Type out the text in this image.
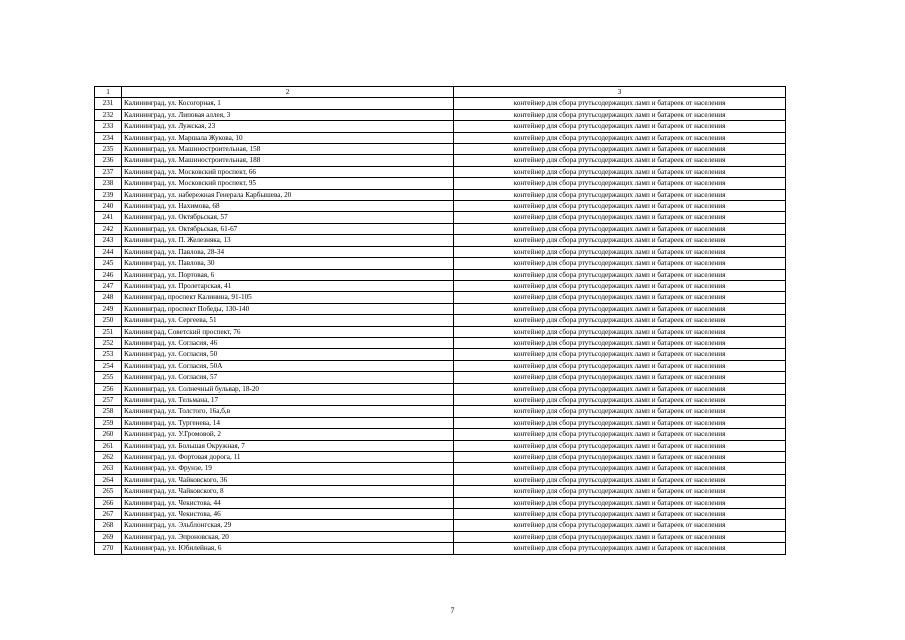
1	2	3
231	Калининград, ул. Косогорная, 1	контейнер для сбора ртутьсодержащих ламп и батареек от населения
232	Калининград, ул. Липовая аллея, 3	контейнер для сбора ртутьсодержащих ламп и батареек от населения
233	Калининград, ул. Лужская, 23	контейнер для сбора ртутьсодержащих ламп и батареек от населения
234	Калининград, ул. Маршала Жукова, 10	контейнер для сбора ртутьсодержащих ламп и батареек от населения
235	Калининград, ул. Машиностроительная, 158	контейнер для сбора ртутьсодержащих ламп и батареек от населения
236	Калининград, ул. Машиностроительная, 188	контейнер для сбора ртутьсодержащих ламп и батареек от населения
237	Калининград, ул. Московский проспект, 66	контейнер для сбора ртутьсодержащих ламп и батареек от населения
238	Калининград, ул. Московский проспект, 95	контейнер для сбора ртутьсодержащих ламп и батареек от населения
239	Калининград, ул. набережная Генерала Карбышева, 20	контейнер для сбора ртутьсодержащих ламп и батареек от населения
240	Калининград, ул. Нахимова, 68	контейнер для сбора ртутьсодержащих ламп и батареек от населения
241	Калининград, ул. Октябрьская, 57	контейнер для сбора ртутьсодержащих ламп и батареек от населения
242	Калининград, ул. Октябрьская, 61-67	контейнер для сбора ртутьсодержащих ламп и батареек от населения
243	Калининград, ул. П. Железняка, 13	контейнер для сбора ртутьсодержащих ламп и батареек от населения
244	Калининград, ул. Павлова, 28-34	контейнер для сбора ртутьсодержащих ламп и батареек от населения
245	Калининград, ул. Павлова, 30	контейнер для сбора ртутьсодержащих ламп и батареек от населения
246	Калининград, ул. Портовая, 6	контейнер для сбора ртутьсодержащих ламп и батареек от населения
247	Калининград, ул. Пролетарская, 41	контейнер для сбора ртутьсодержащих ламп и батареек от населения
248	Калининград, проспект Калинина, 91-105	контейнер для сбора ртутьсодержащих ламп и батареек от населения
249	Калининград, проспект Победы, 130-140	контейнер для сбора ртутьсодержащих ламп и батареек от населения
250	Калининград, ул. Сергеева, 51	контейнер для сбора ртутьсодержащих ламп и батареек от населения
251	Калининград, Советский проспект, 76	контейнер для сбора ртутьсодержащих ламп и батареек от населения
252	Калининград, ул. Согласия, 46	контейнер для сбора ртутьсодержащих ламп и батареек от населения
253	Калининград, ул. Согласия, 50	контейнер для сбора ртутьсодержащих ламп и батареек от населения
254	Калининград, ул. Согласия, 50А	контейнер для сбора ртутьсодержащих ламп и батареек от населения
255	Калининград, ул. Согласия, 57	контейнер для сбора ртутьсодержащих ламп и батареек от населения
256	Калининград, ул. Солнечный бульвар, 18-20	контейнер для сбора ртутьсодержащих ламп и батареек от населения
257	Калининград, ул. Тельмана, 17	контейнер для сбора ртутьсодержащих ламп и батареек от населения
258	Калининград, ул. Толстого, 16а,б,в	контейнер для сбора ртутьсодержащих ламп и батареек от населения
259	Калининград, ул. Тургенева, 14	контейнер для сбора ртутьсодержащих ламп и батареек от населения
260	Калининград, ул. У.Громовой, 2	контейнер для сбора ртутьсодержащих ламп и батареек от населения
261	Калининград, ул. Большая Окружная, 7	контейнер для сбора ртутьсодержащих ламп и батареек от населения
262	Калининград, ул. Фортовая дорога, 11	контейнер для сбора ртутьсодержащих ламп и батареек от населения
263	Калининград, ул. Фрунзе, 19	контейнер для сбора ртутьсодержащих ламп и батареек от населения
264	Калининград, ул. Чайковского, 36	контейнер для сбора ртутьсодержащих ламп и батареек от населения
265	Калининград, ул. Чайковского, 8	контейнер для сбора ртутьсодержащих ламп и батареек от населения
266	Калининград, ул. Чекистова, 44	контейнер для сбора ртутьсодержащих ламп и батареек от населения
267	Калининград, ул. Чекистова, 46	контейнер для сбора ртутьсодержащих ламп и батареек от населения
268	Калининград, ул. Эльблонгская, 29	контейнер для сбора ртутьсодержащих ламп и батареек от населения
269	Калининград, ул. Эпроновская, 20	контейнер для сбора ртутьсодержащих ламп и батареек от населения
270	Калининград, ул. Юбилейная, 6	контейнер для сбора ртутьсодержащих ламп и батареек от населения
7
